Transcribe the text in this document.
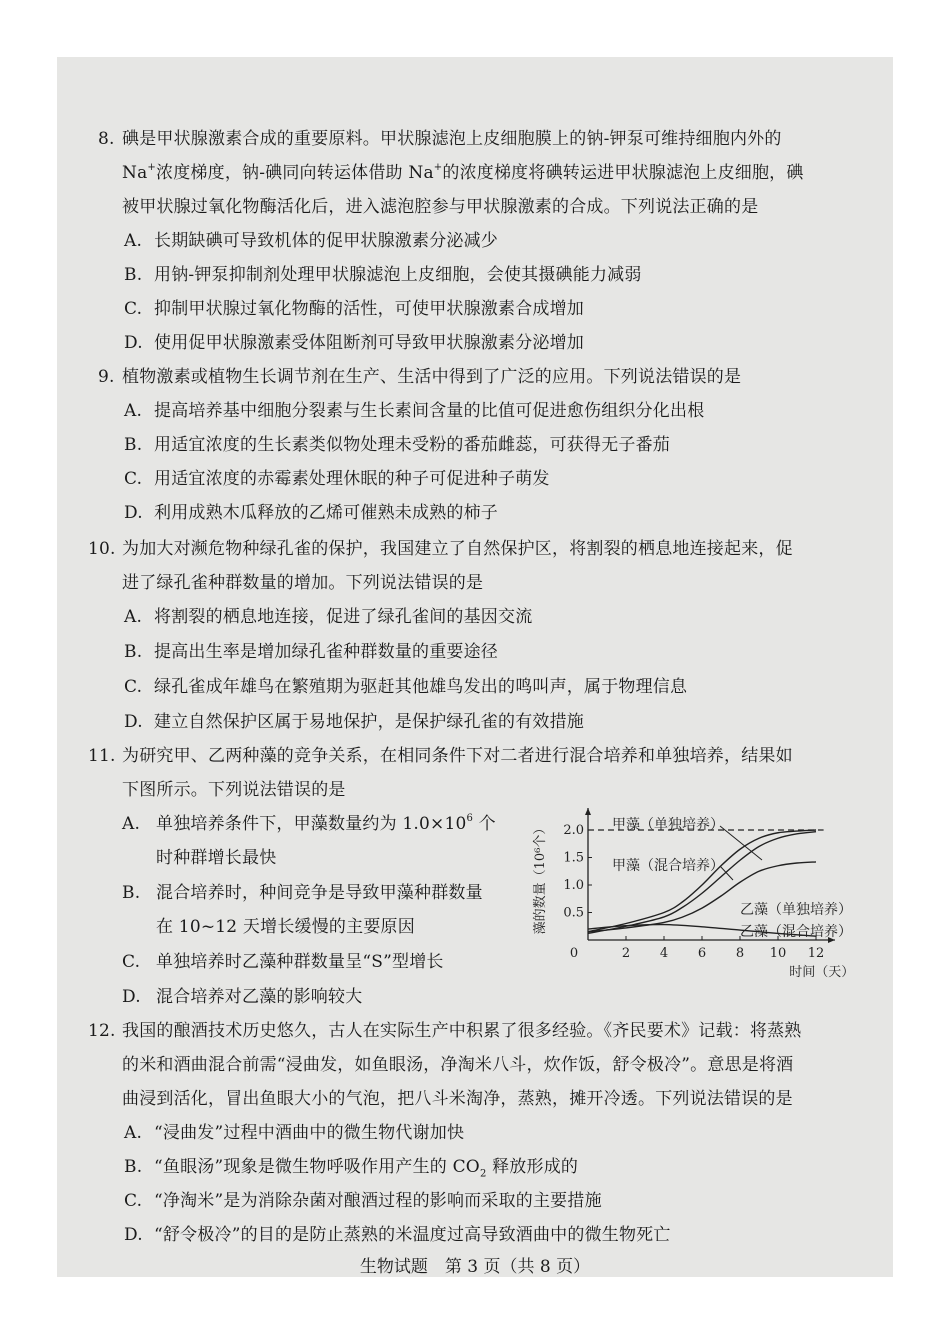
8. 碘是甲状腺激素合成的重要原料。甲状腺滤泡上皮细胞膜上的钠-钾泵可维持细胞内外的
Na+浓度梯度，钠-碘同向转运体借助 Na+的浓度梯度将碘转运进甲状腺滤泡上皮细胞，碘
被甲状腺过氧化物酶活化后，进入滤泡腔参与甲状腺激素的合成。下列说法正确的是
A. 长期缺碘可导致机体的促甲状腺激素分泌减少
B. 用钠-钾泵抑制剂处理甲状腺滤泡上皮细胞，会使其摄碘能力减弱
C. 抑制甲状腺过氧化物酶的活性，可使甲状腺激素合成增加
D. 使用促甲状腺激素受体阻断剂可导致甲状腺激素分泌增加
9. 植物激素或植物生长调节剂在生产、生活中得到了广泛的应用。下列说法错误的是
A. 提高培养基中细胞分裂素与生长素间含量的比值可促进愈伤组织分化出根
B. 用适宜浓度的生长素类似物处理未受粉的番茄雌蕊，可获得无子番茄
C. 用适宜浓度的赤霉素处理休眠的种子可促进种子萌发
D. 利用成熟木瓜释放的乙烯可催熟未成熟的柿子
10. 为加大对濒危物种绿孔雀的保护，我国建立了自然保护区，将割裂的栖息地连接起来，促
进了绿孔雀种群数量的增加。下列说法错误的是
A. 将割裂的栖息地连接，促进了绿孔雀间的基因交流
B. 提高出生率是增加绿孔雀种群数量的重要途径
C. 绿孔雀成年雄鸟在繁殖期为驱赶其他雄鸟发出的鸣叫声，属于物理信息
D. 建立自然保护区属于易地保护，是保护绿孔雀的有效措施
11. 为研究甲、乙两种藻的竞争关系，在相同条件下对二者进行混合培养和单独培养，结果如
下图所示。下列说法错误的是
A. 单独培养条件下，甲藻数量约为 $1.0\times 10^6$ 个
时种群增长最快
B. 混合培养时，种间竞争是导致甲藻种群数量
在 10~12 天增长缓慢的主要原因
C. 单独培养时乙藻种群数量呈“S”型增长
D. 混合培养对乙藻的影响较大
12. 我国的酿酒技术历史悠久，古人在实际生产中积累了很多经验。《齐民要术》记载：将蒸熟
的米和酒曲混合前需“浸曲发，如鱼眼汤，净淘米八斗，炊作饭，舒令极冷”。意思是将酒
曲浸到活化，冒出鱼眼大小的气泡，把八斗米淘净，蒸熟，摊开冷透。下列说法错误的是
A. “浸曲发”过程中酒曲中的微生物代谢加快
B. “鱼眼汤”现象是微生物呼吸作用产生的 $CO_2$ 释放形成的
C. “净淘米”是为消除杂菌对酿酒过程的影响而采取的主要措施
D. “舒令极冷”的目的是防止蒸熟的米温度过高导致酒曲中的微生物死亡
0	2 4 6 8 10 12
0.5
1.0
1.5
2.0
藻的数量（10⁶个）
时间（天）
甲藻（单独培养）
甲藻（混合培养）
乙藻（单独培养）
乙藻（混合培养）
生物试题　第 3 页（共 8 页）
